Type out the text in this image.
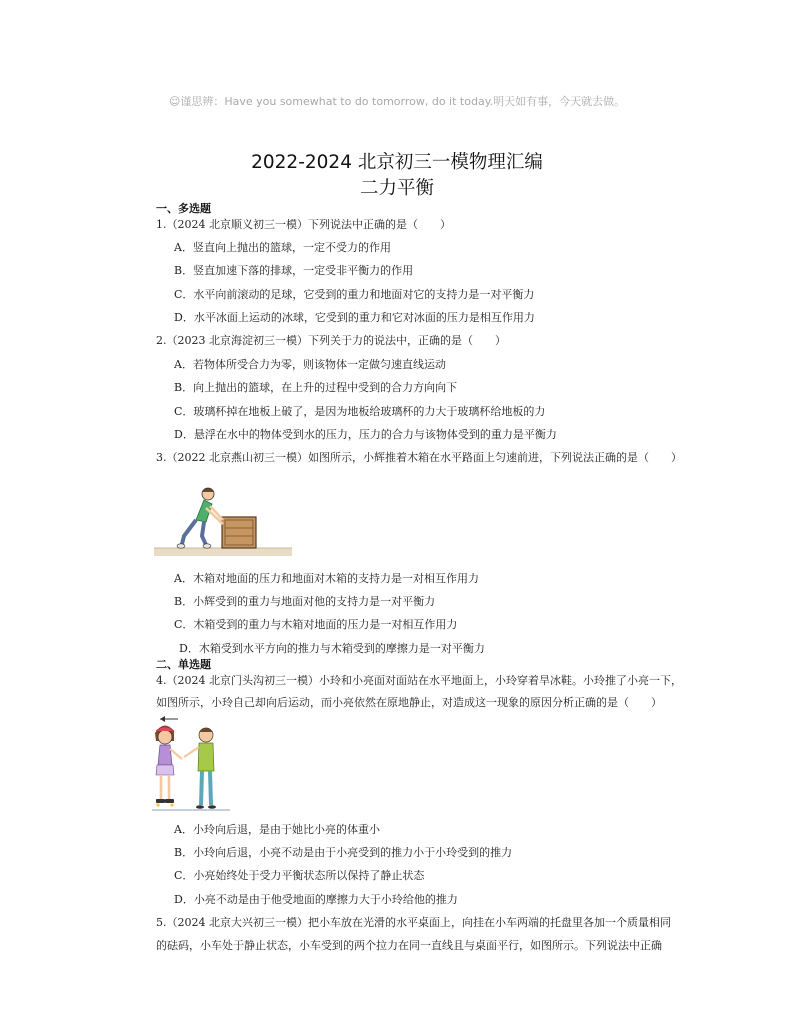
☺谨思辨：Have you somewhat to do tomorrow, do it today.明天如有事，今天就去做。
2022-2024 北京初三一模物理汇编
二力平衡
一、多选题
1.（2024 北京顺义初三一模）下列说法中正确的是（　　）
A．竖直向上抛出的篮球，一定不受力的作用
B．竖直加速下落的排球，一定受非平衡力的作用
C．水平向前滚动的足球，它受到的重力和地面对它的支持力是一对平衡力
D．水平冰面上运动的冰球，它受到的重力和它对冰面的压力是相互作用力
2.（2023 北京海淀初三一模）下列关于力的说法中，正确的是（　　）
A．若物体所受合力为零，则该物体一定做匀速直线运动
B．向上抛出的篮球，在上升的过程中受到的合力方向向下
C．玻璃杯掉在地板上破了，是因为地板给玻璃杯的力大于玻璃杯给地板的力
D．悬浮在水中的物体受到水的压力，压力的合力与该物体受到的重力是平衡力
3.（2022 北京燕山初三一模）如图所示，小辉推着木箱在水平路面上匀速前进，下列说法正确的是（　　）
A．木箱对地面的压力和地面对木箱的支持力是一对相互作用力
B．小辉受到的重力与地面对他的支持力是一对平衡力
C．木箱受到的重力与木箱对地面的压力是一对相互作用力
D．木箱受到水平方向的推力与木箱受到的摩擦力是一对平衡力
二、单选题
4.（2024 北京门头沟初三一模）小玲和小亮面对面站在水平地面上，小玲穿着旱冰鞋。小玲推了小亮一下，
如图所示，小玲自己却向后运动，而小亮依然在原地静止，对造成这一现象的原因分析正确的是（　　）
A．小玲向后退，是由于她比小亮的体重小
B．小玲向后退，小亮不动是由于小亮受到的推力小于小玲受到的推力
C．小亮始终处于受力平衡状态所以保持了静止状态
D．小亮不动是由于他受地面的摩擦力大于小玲给他的推力
5.（2024 北京大兴初三一模）把小车放在光滑的水平桌面上，向挂在小车两端的托盘里各加一个质量相同
的砝码，小车处于静止状态，小车受到的两个拉力在同一直线且与桌面平行，如图所示。下列说法中正确
